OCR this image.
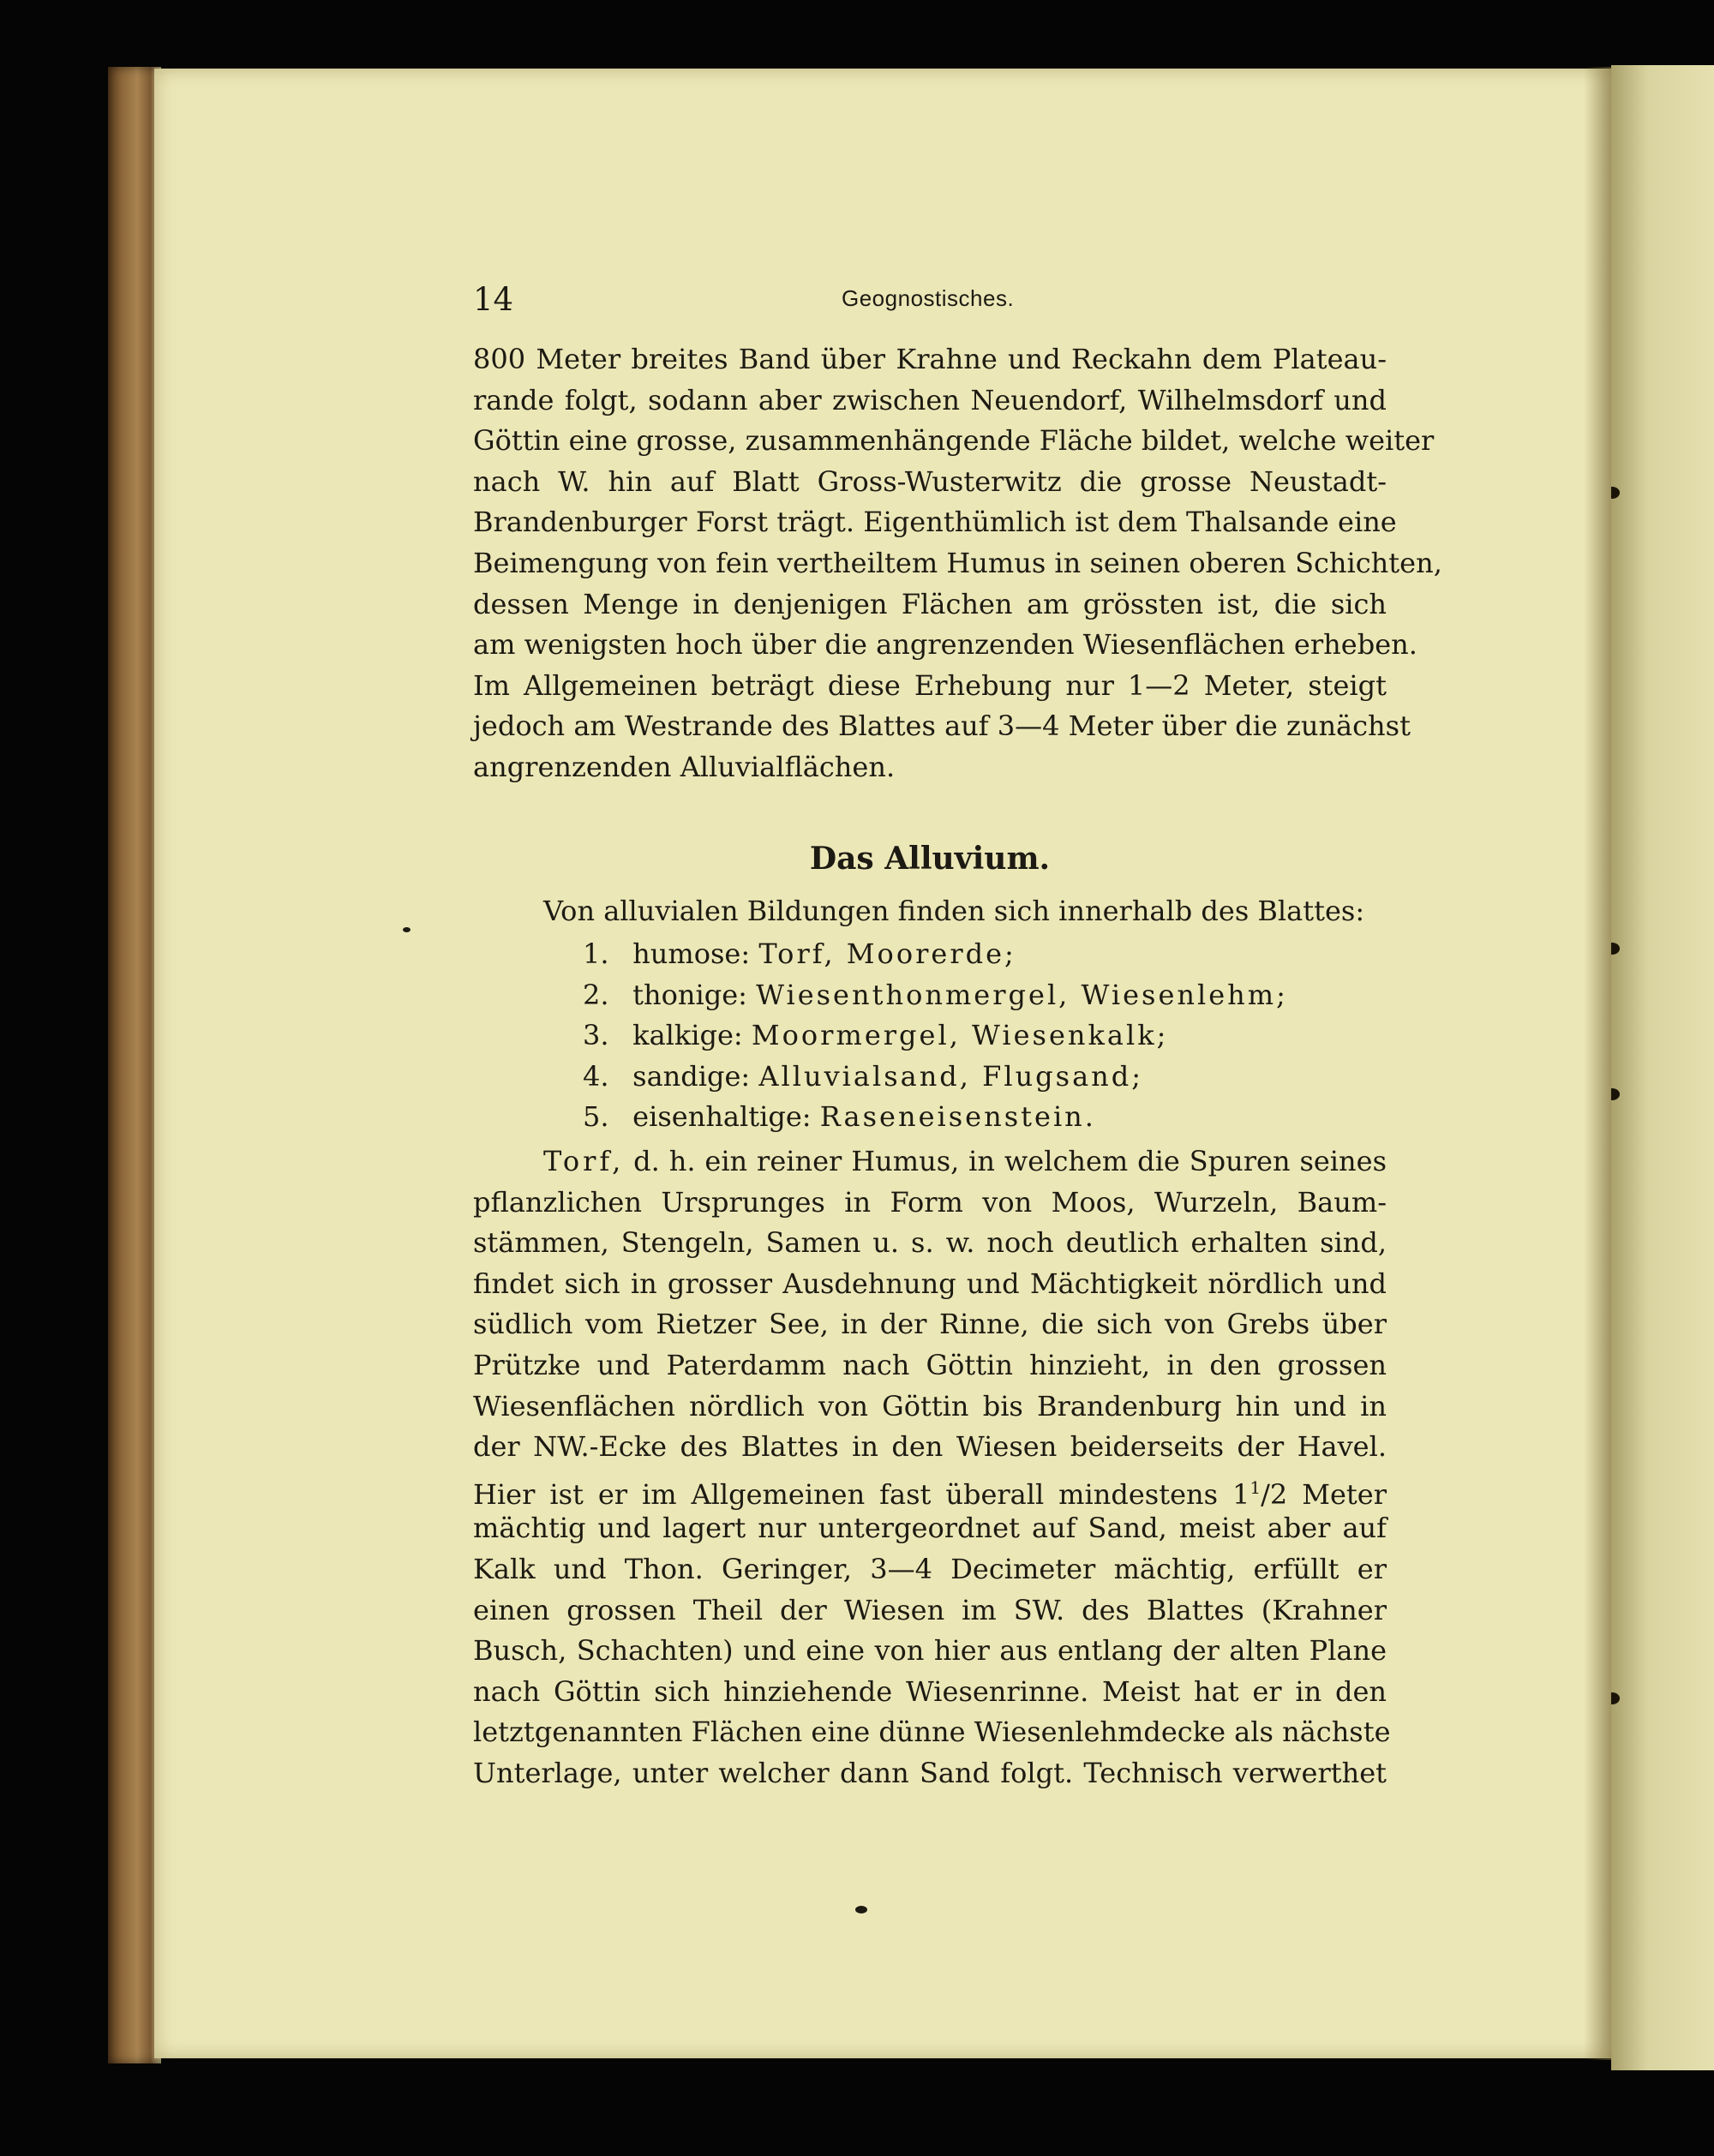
14	Geognostisches.
800 Meter breites Band über Krahne und Reckahn dem Plateau-
rande folgt, sodann aber zwischen Neuendorf, Wilhelmsdorf und
Göttin eine grosse, zusammenhängende Fläche bildet, welche weiter
nach W. hin auf Blatt Gross-Wusterwitz die grosse Neustadt-
Brandenburger Forst trägt. Eigenthümlich ist dem Thalsande eine
Beimengung von fein vertheiltem Humus in seinen oberen Schichten,
dessen Menge in denjenigen Flächen am grössten ist, die sich
am wenigsten hoch über die angrenzenden Wiesenflächen erheben.
Im Allgemeinen beträgt diese Erhebung nur 1—2 Meter, steigt
jedoch am Westrande des Blattes auf 3—4 Meter über die zunächst
angrenzenden Alluvialflächen.
Das Alluvium.
Von alluvialen Bildungen finden sich innerhalb des Blattes:
1. humose: Torf, Moorerde;
2. thonige: Wiesenthonmergel, Wiesenlehm;
3. kalkige: Moormergel, Wiesenkalk;
4. sandige: Alluvialsand, Flugsand;
5. eisenhaltige: Raseneisenstein.
Torf, d. h. ein reiner Humus, in welchem die Spuren seines
pflanzlichen Ursprunges in Form von Moos, Wurzeln, Baum-
stämmen, Stengeln, Samen u. s. w. noch deutlich erhalten sind,
findet sich in grosser Ausdehnung und Mächtigkeit nördlich und
südlich vom Rietzer See, in der Rinne, die sich von Grebs über
Prützke und Paterdamm nach Göttin hinzieht, in den grossen
Wiesenflächen nördlich von Göttin bis Brandenburg hin und in
der NW.-Ecke des Blattes in den Wiesen beiderseits der Havel.
Hier ist er im Allgemeinen fast überall mindestens $1^1/2$ Meter
mächtig und lagert nur untergeordnet auf Sand, meist aber auf
Kalk und Thon. Geringer, 3—4 Decimeter mächtig, erfüllt er
einen grossen Theil der Wiesen im SW. des Blattes (Krahner
Busch, Schachten) und eine von hier aus entlang der alten Plane
nach Göttin sich hinziehende Wiesenrinne. Meist hat er in den
letztgenannten Flächen eine dünne Wiesenlehmdecke als nächste
Unterlage, unter welcher dann Sand folgt. Technisch verwerthet
